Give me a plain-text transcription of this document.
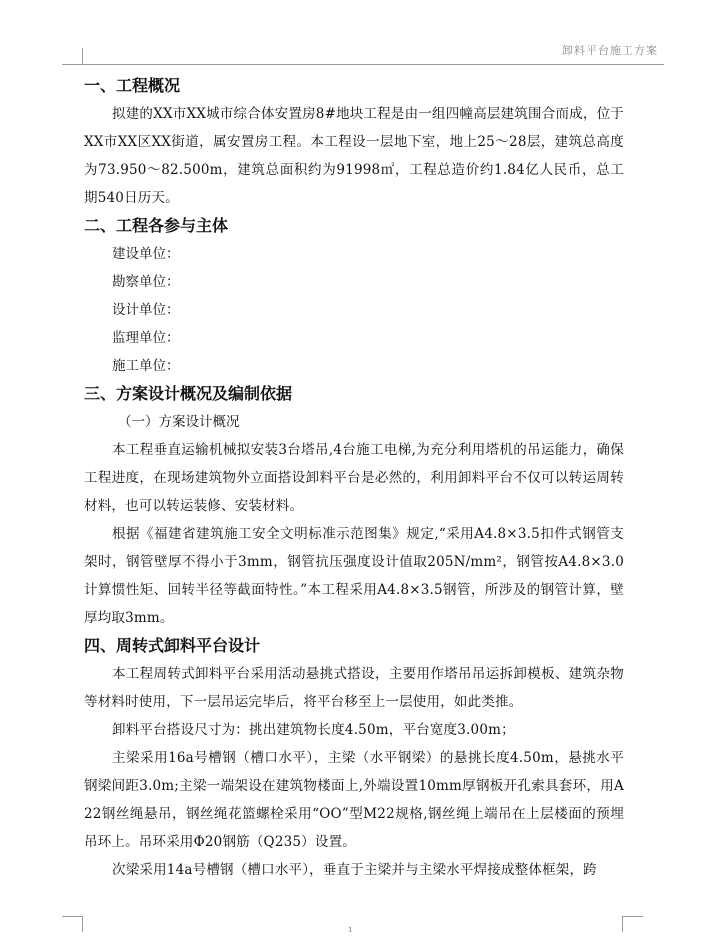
卸料平台施工方案
一、工程概况

拟建的XX市XX城市综合体安置房8#地块工程是由一组四幢高层建筑围合而成，位于XX市XX区XX街道，属安置房工程。本工程设一层地下室，地上25～28层，建筑总高度为73.950～82.500m，建筑总面积约为91998㎡，工程总造价约1.84亿人民币，总工期540日历天。

二、工程各参与主体
建设单位：
勘察单位：
设计单位：
监理单位：
施工单位：
三、方案设计概况及编制依据
（一）方案设计概况

本工程垂直运输机械拟安装3台塔吊,4台施工电梯,为充分利用塔机的吊运能力，确保工程进度，在现场建筑物外立面搭设卸料平台是必然的，利用卸料平台不仅可以转运周转材料，也可以转运装修、安装材料。

根据《福建省建筑施工安全文明标准示范图集》规定,“采用A4.8×3.5扣件式钢管支架时，钢管壁厚不得小于3mm，钢管抗压强度设计值取205N/mm²，钢管按A4.8×3.0计算惯性矩、回转半径等截面特性。”本工程采用A4.8×3.5钢管，所涉及的钢管计算，壁厚均取3mm。

四、周转式卸料平台设计

本工程周转式卸料平台采用活动悬挑式搭设，主要用作塔吊吊运拆卸模板、建筑杂物等材料时使用，下一层吊运完毕后，将平台移至上一层使用，如此类推。

卸料平台搭设尺寸为：挑出建筑物长度4.50m，平台宽度3.00m；

主梁采用16a号槽钢（槽口水平），主梁（水平钢梁）的悬挑长度4.50m，悬挑水平钢梁间距3.0m;主梁一端架设在建筑物楼面上,外端设置10mm厚钢板开孔索具套环，用A22钢丝绳悬吊，钢丝绳花篮螺栓采用“OO”型M22规格,钢丝绳上端吊在上层楼面的预埋吊环上。吊环采用Φ20钢筋（Q235）设置。

次梁采用14a号槽钢（槽口水平），垂直于主梁并与主梁水平焊接成整体框架，跨

1
